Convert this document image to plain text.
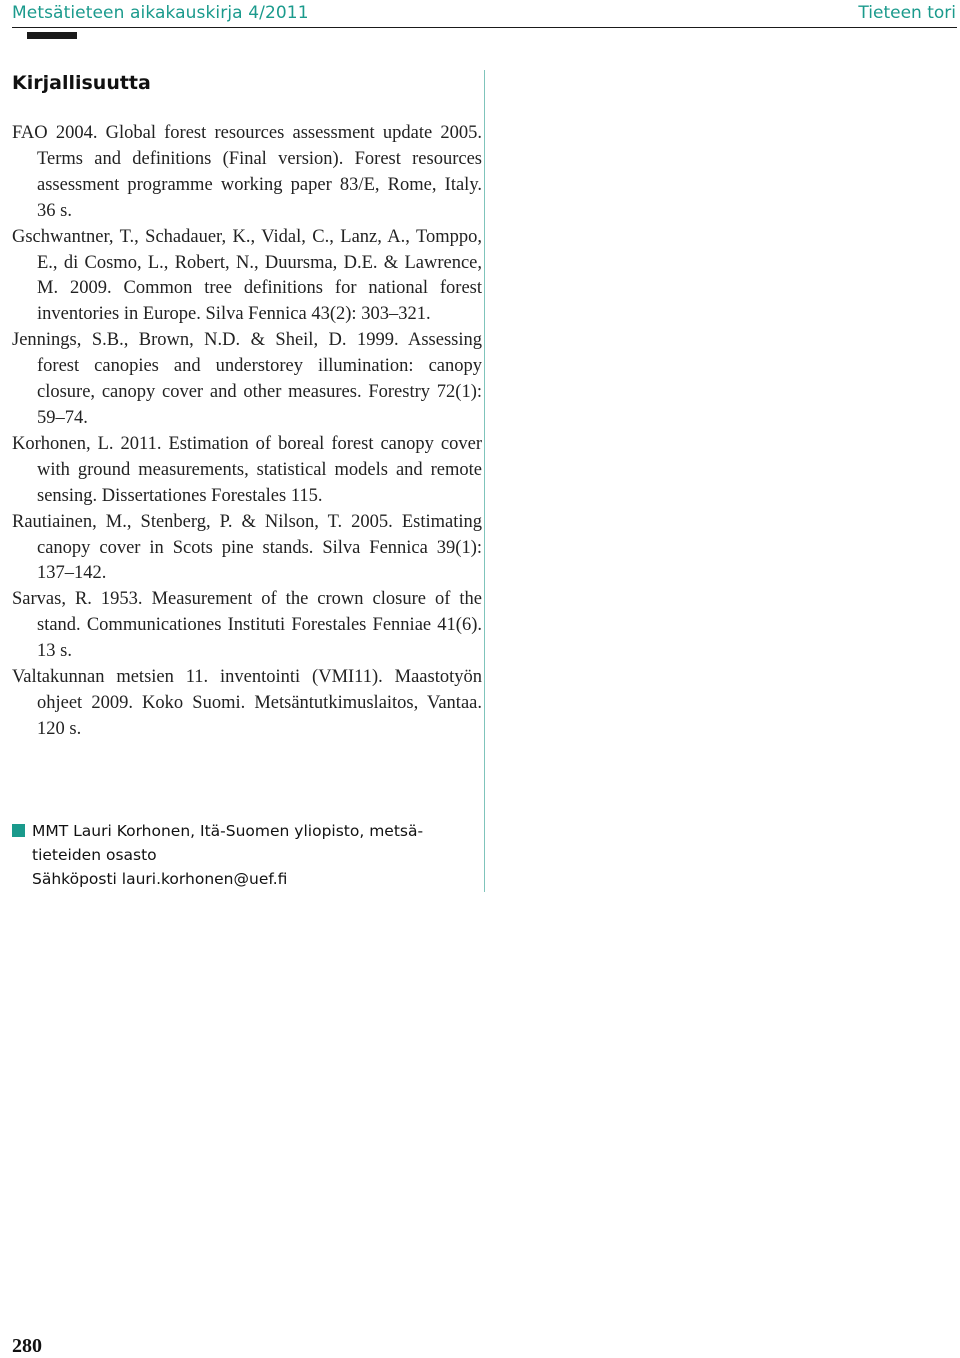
Metsätieteen aikakauskirja 4/2011	Tieteen tori
Kirjallisuutta
FAO 2004. Global forest resources assessment update 2005. Terms and definitions (Final version). Forest resources assessment programme working paper 83/E, Rome, Italy. 36 s.
Gschwantner, T., Schadauer, K., Vidal, C., Lanz, A., Tomppo, E., di Cosmo, L., Robert, N., Duursma, D.E. & Lawrence, M. 2009. Common tree definitions for national forest inventories in Europe. Silva Fennica 43(2): 303–321.
Jennings, S.B., Brown, N.D. & Sheil, D. 1999. Assessing forest canopies and understorey illumination: canopy closure, canopy cover and other measures. Forestry 72(1): 59–74.
Korhonen, L. 2011. Estimation of boreal forest canopy cover with ground measurements, statistical models and remote sensing. Dissertationes Forestales 115.
Rautiainen, M., Stenberg, P. & Nilson, T. 2005. Estimating canopy cover in Scots pine stands. Silva Fennica 39(1): 137–142.
Sarvas, R. 1953. Measurement of the crown closure of the stand. Communicationes Instituti Forestales Fenniae 41(6). 13 s.
Valtakunnan metsien 11. inventointi (VMI11). Maastotyön ohjeet 2009. Koko Suomi. Metsäntutkimuslaitos, Vantaa. 120 s.
MMT Lauri Korhonen, Itä-Suomen yliopisto, metsä-
tieteiden osasto
Sähköposti lauri.korhonen@uef.fi
280
